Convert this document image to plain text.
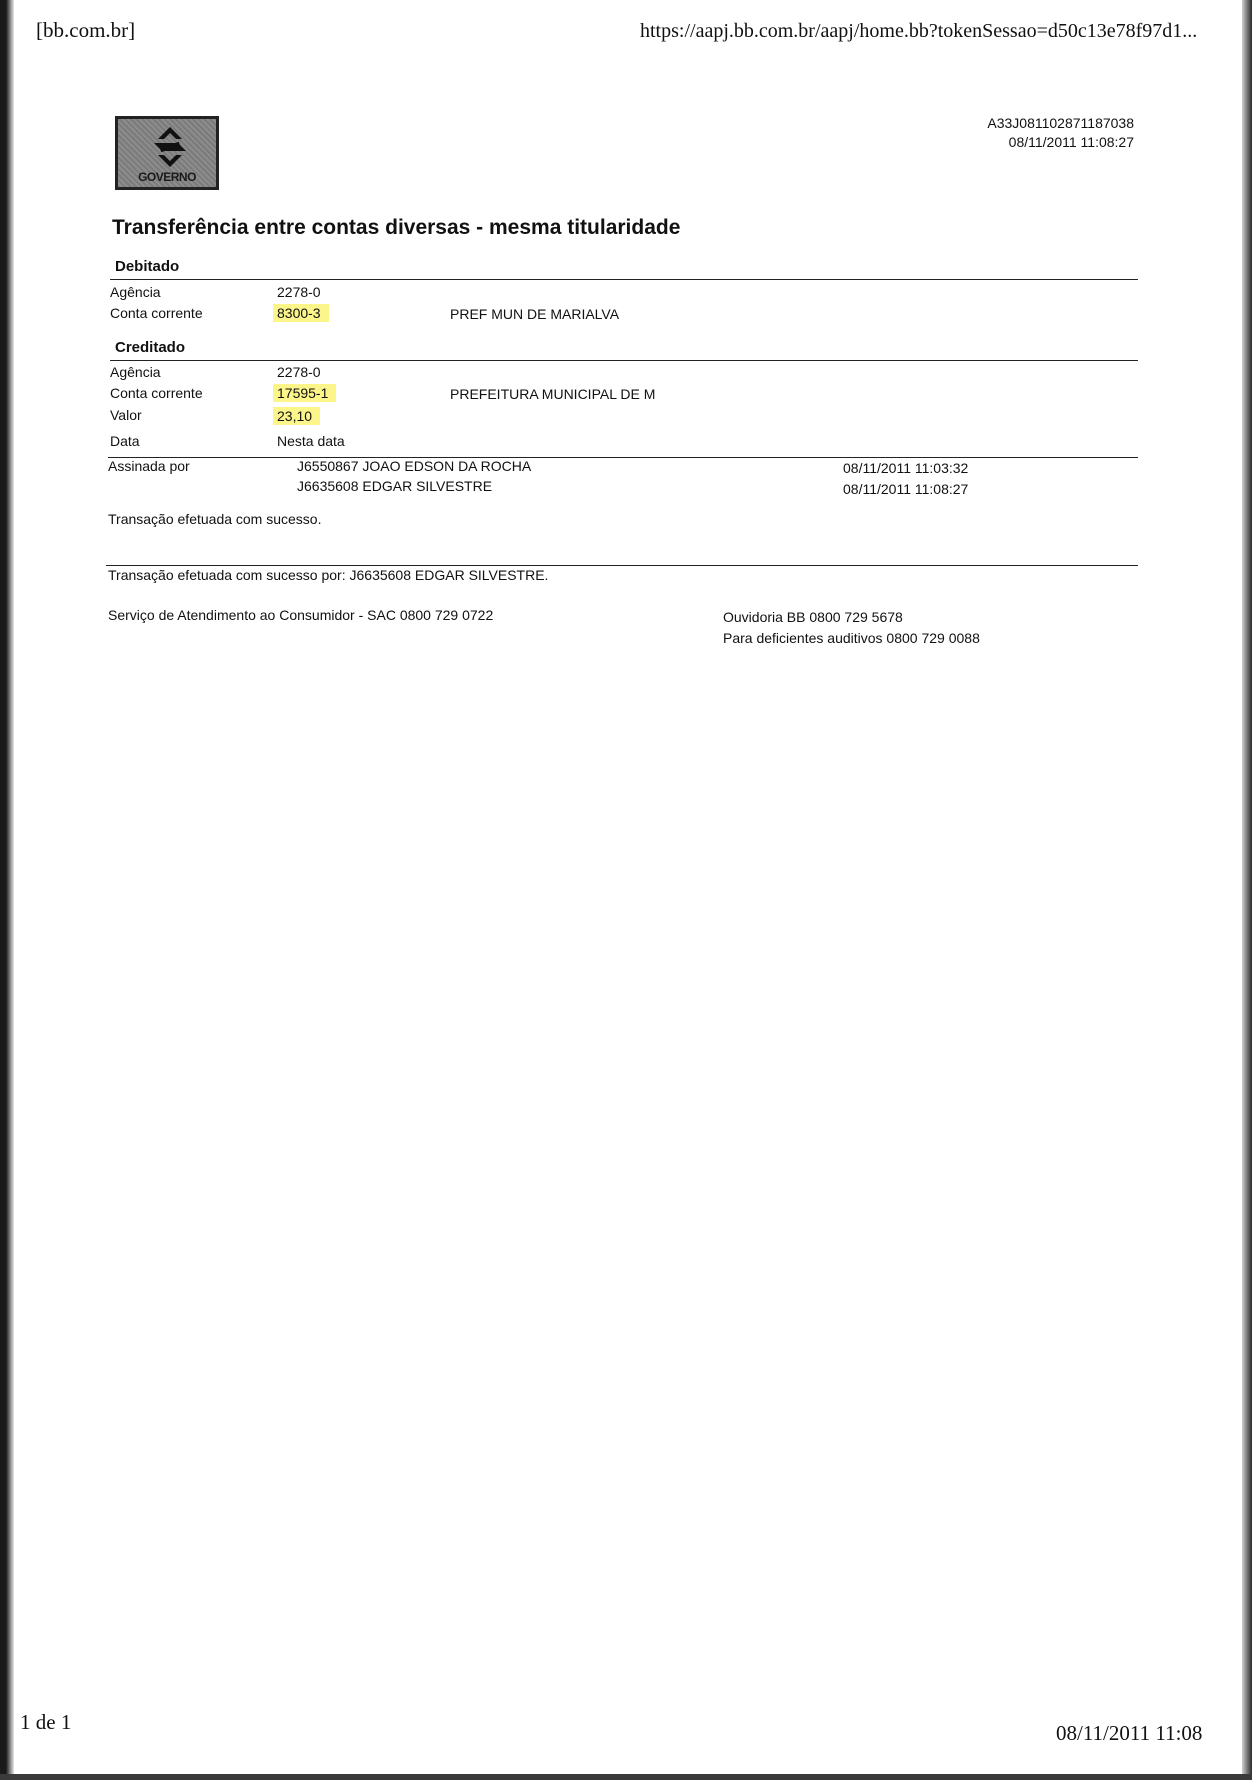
[bb.com.br]	https://aapj.bb.com.br/aapj/home.bb?tokenSessao=d50c13e78f97d1...
GOVERNO
A33J081102871187038
08/11/2011 11:08:27
Transferência entre contas diversas - mesma titularidade
Debitado
Agência	2278-0
Conta corrente	8300-3	PREF MUN DE MARIALVA
Creditado
Agência	2278-0
Conta corrente	17595-1	PREFEITURA MUNICIPAL DE M
Valor	23,10
Data	Nesta data
Assinada por	J6550867 JOAO EDSON DA ROCHA	08/11/2011 11:03:32
J6635608 EDGAR SILVESTRE	08/11/2011 11:08:27
Transação efetuada com sucesso.
Transação efetuada com sucesso por: J6635608 EDGAR SILVESTRE.
Serviço de Atendimento ao Consumidor - SAC 0800 729 0722	Ouvidoria BB 0800 729 5678
Para deficientes auditivos 0800 729 0088
1 de 1	08/11/2011 11:08
